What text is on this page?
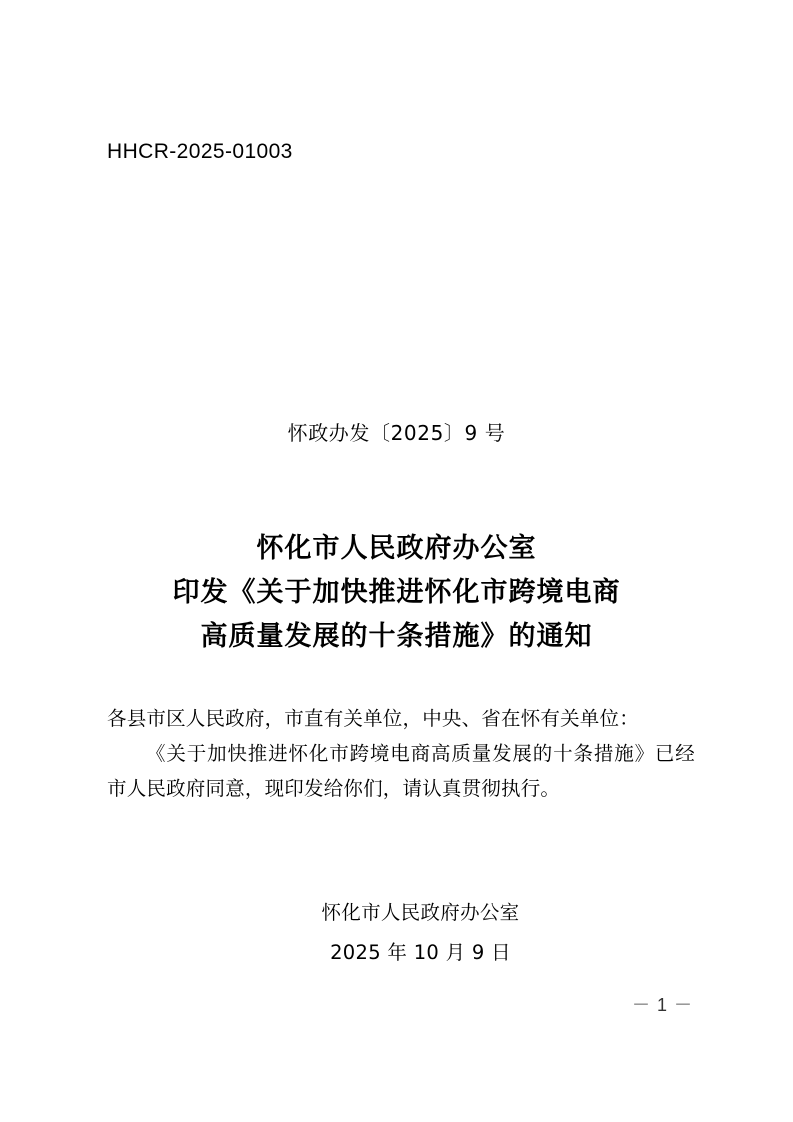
HHCR-2025-01003
怀政办发〔2025〕9 号
怀化市人民政府办公室
印发《关于加快推进怀化市跨境电商
高质量发展的十条措施》的通知
各县市区人民政府，市直有关单位，中央、省在怀有关单位：
《关于加快推进怀化市跨境电商高质量发展的十条措施》已经市人民政府同意，现印发给你们，请认真贯彻执行。
怀化市人民政府办公室
2025 年 10 月 9 日
－ 1 －
